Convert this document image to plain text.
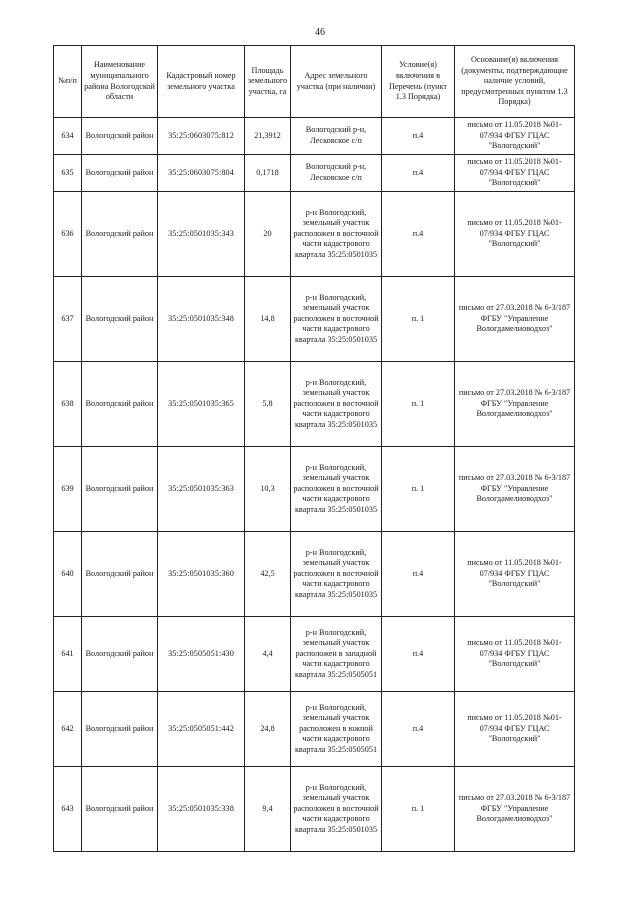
46
№п/п	Наименование муниципального района Вологодской области	Кадастровый номер земельного участка	Площадь земельного участка, га	Адрес земельного участка (при наличии)	Условие(я) включения в Перечень (пункт 1.3 Порядка)	Основание(я) включения (документы, подтверждающие наличие условий, предусмотренных пунктом 1.3 Порядка)
634	Вологодский район	35:25:0603075:812	21,3912	Вологодский р-н, Лесковское с/п	п.4	письмо от 11.05.2018 №01-07/934 ФГБУ ГЦАС "Вологодский"
635	Вологодский район	35:25:0603075:804	0,1718	Вологодский р-н, Лесковское с/п	п.4	письмо от 11.05.2018 №01-07/934 ФГБУ ГЦАС "Вологодский"
636	Вологодский район	35:25:0501035:343	20	р-н Вологодский, земельный участок расположен в восточной части кадастрового квартала 35:25:0501035	п.4	письмо от 11.05.2018 №01-07/934 ФГБУ ГЦАС "Вологодский"
637	Вологодский район	35:25:0501035:348	14,8	р-н Вологодский, земельный участок расположен в восточной части кадастрового квартала 35:25:0501035	п. 1	письмо от 27.03.2018 № 6-3/187 ФГБУ "Управление Вологдамелиоводхоз"
638	Вологодский район	35:25:0501035:365	5,8	р-н Вологодский, земельный участок расположен в восточной части кадастрового квартала 35:25:0501035	п. 1	письмо от 27.03.2018 № 6-3/187 ФГБУ "Управление Вологдамелиоводхоз"
639	Вологодский район	35:25:0501035:363	10,3	р-н Вологодский, земельный участок расположен в восточной части кадастрового квартала 35:25:0501035	п. 1	письмо от 27.03.2018 № 6-3/187 ФГБУ "Управление Вологдамелиоводхоз"
640	Вологодский район	35:25:0501035:360	42,5	р-н Вологодский, земельный участок расположен в восточной части кадастрового квартала 35:25:0501035	п.4	письмо от 11.05.2018 №01-07/934 ФГБУ ГЦАС "Вологодский"
641	Вологодский район	35:25:0505051:430	4,4	р-н Вологодский, земельный участок расположен в западной части кадастрового квартала 35:25:0505051	п.4	письмо от 11.05.2018 №01-07/934 ФГБУ ГЦАС "Вологодский"
642	Вологодский район	35:25:0505051:442	24,8	р-н Вологодский, земельный участок расположен в южной части кадастрового квартала 35:25:0505051	п.4	письмо от 11.05.2018 №01-07/934 ФГБУ ГЦАС "Вологодский"
643	Вологодский район	35:25:0501035:338	9,4	р-н Вологодский, земельный участок расположен в восточной части кадастрового квартала 35:25:0501035	п. 1	письмо от 27.03.2018 № 6-3/187 ФГБУ "Управление Вологдамелиоводхоз"
